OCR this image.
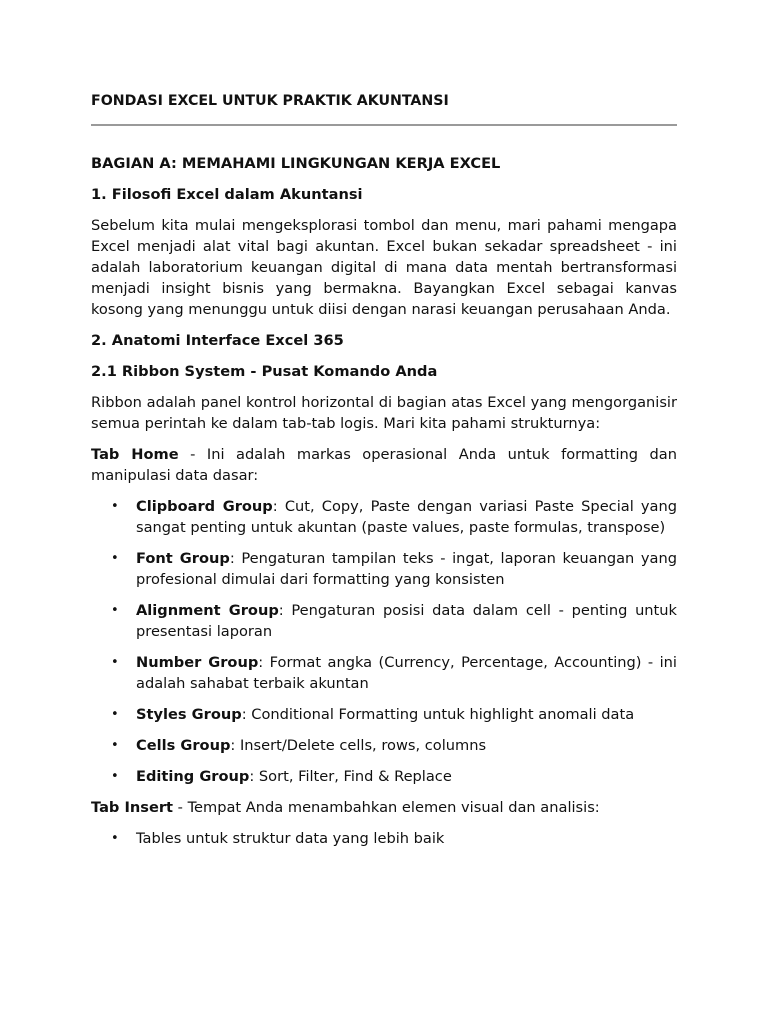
FONDASI EXCEL UNTUK PRAKTIK AKUNTANSI
BAGIAN A: MEMAHAMI LINGKUNGAN KERJA EXCEL
1. Filosofi Excel dalam Akuntansi

Sebelum kita mulai mengeksplorasi tombol dan menu, mari pahami mengapa Excel menjadi alat vital bagi akuntan. Excel bukan sekadar spreadsheet - ini adalah laboratorium keuangan digital di mana data mentah bertransformasi menjadi insight bisnis yang bermakna. Bayangkan Excel sebagai kanvas kosong yang menunggu untuk diisi dengan narasi keuangan perusahaan Anda.

2. Anatomi Interface Excel 365
2.1 Ribbon System - Pusat Komando Anda

Ribbon adalah panel kontrol horizontal di bagian atas Excel yang mengorganisir semua perintah ke dalam tab-tab logis. Mari kita pahami strukturnya:

Tab Home - Ini adalah markas operasional Anda untuk formatting dan manipulasi data dasar:

• Clipboard Group: Cut, Copy, Paste dengan variasi Paste Special yang sangat penting untuk akuntan (paste values, paste formulas, transpose)
• Font Group: Pengaturan tampilan teks - ingat, laporan keuangan yang profesional dimulai dari formatting yang konsisten
• Alignment Group: Pengaturan posisi data dalam cell - penting untuk presentasi laporan
• Number Group: Format angka (Currency, Percentage, Accounting) - ini adalah sahabat terbaik akuntan
• Styles Group: Conditional Formatting untuk highlight anomali data
• Cells Group: Insert/Delete cells, rows, columns
• Editing Group: Sort, Filter, Find & Replace

Tab Insert - Tempat Anda menambahkan elemen visual dan analisis:

• Tables untuk struktur data yang lebih baik
